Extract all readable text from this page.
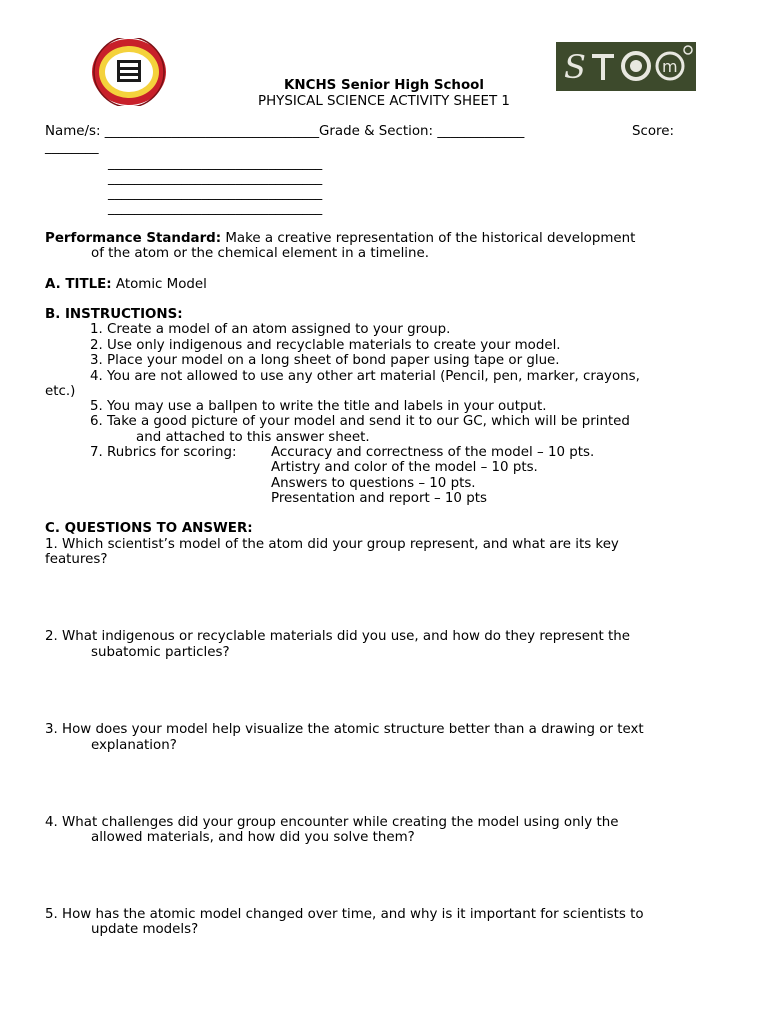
S	m
KNCHS Senior High School
PHYSICAL SCIENCE ACTIVITY SHEET 1
Name/s: ________________________________Grade & Section: _____________	Score:
________
________________________________
________________________________
________________________________
________________________________
Performance Standard: Make a creative representation of the historical development
of the atom or the chemical element in a timeline.
A. TITLE: Atomic Model
B. INSTRUCTIONS:
1. Create a model of an atom assigned to your group.
2. Use only indigenous and recyclable materials to create your model.
3. Place your model on a long sheet of bond paper using tape or glue.
4. You are not allowed to use any other art material (Pencil, pen, marker, crayons,
etc.)
5. You may use a ballpen to write the title and labels in your output.
6. Take a good picture of your model and send it to our GC, which will be printed
and attached to this answer sheet.
7. Rubrics for scoring:	Accuracy and correctness of the model – 10 pts.
Artistry and color of the model – 10 pts.
Answers to questions – 10 pts.
Presentation and report – 10 pts
C. QUESTIONS TO ANSWER:
1. Which scientist’s model of the atom did your group represent, and what are its key
features?
2. What indigenous or recyclable materials did you use, and how do they represent the
subatomic particles?
3. How does your model help visualize the atomic structure better than a drawing or text
explanation?
4. What challenges did your group encounter while creating the model using only the
allowed materials, and how did you solve them?
5. How has the atomic model changed over time, and why is it important for scientists to
update models?
